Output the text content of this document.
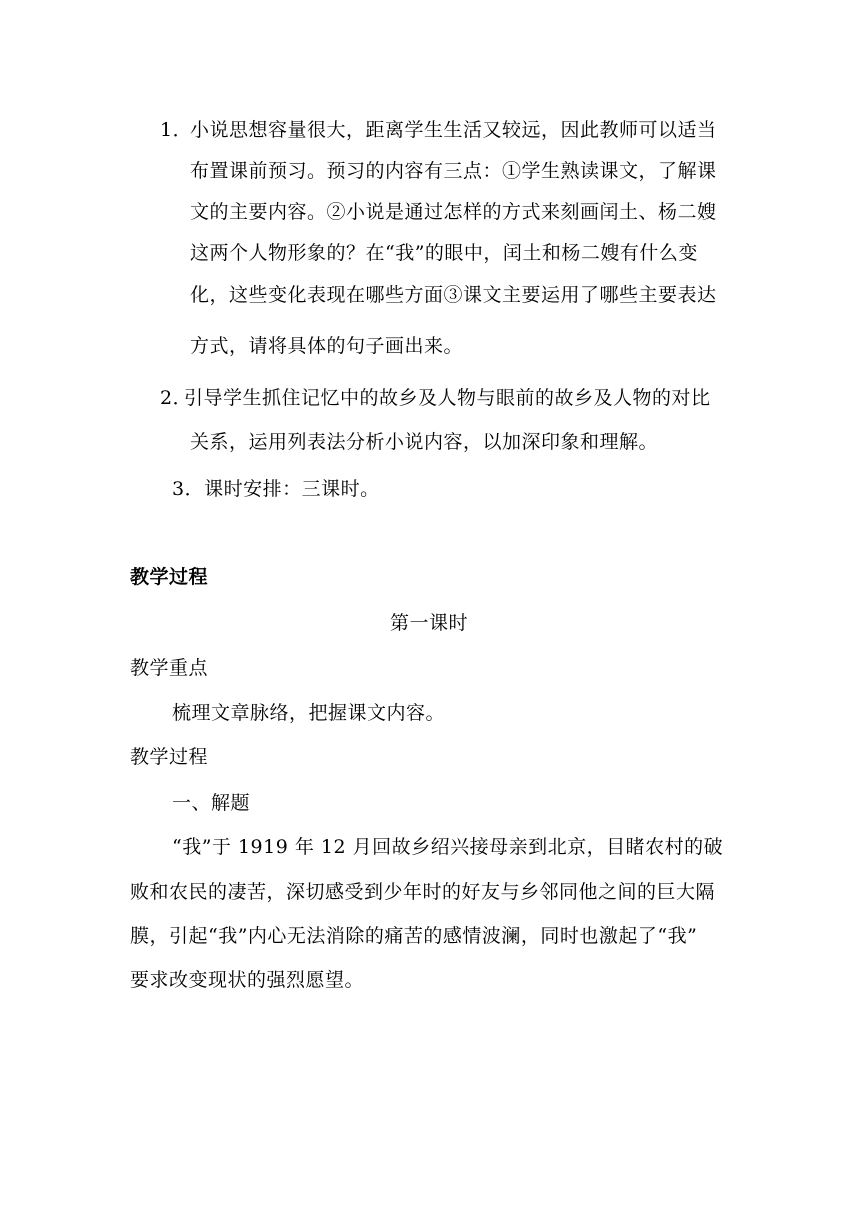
1．
小说思想容量很大，距离学生生活又较远，因此教师可以适当
布置课前预习。预习的内容有三点：①学生熟读课文，了解课
文的主要内容。②小说是通过怎样的方式来刻画闰土、杨二嫂
这两个人物形象的？在“我”的眼中，闰土和杨二嫂有什么变
化，这些变化表现在哪些方面③课文主要运用了哪些主要表达
方式，请将具体的句子画出来。
2．
引导学生抓住记忆中的故乡及人物与眼前的故乡及人物的对比
关系，运用列表法分析小说内容，以加深印象和理解。
3．课时安排：三课时。
教学过程
第一课时
教学重点
梳理文章脉络，把握课文内容。
教学过程
一、解题
“我”于 1919 年 12 月回故乡绍兴接母亲到北京，目睹农村的破
败和农民的凄苦，深切感受到少年时的好友与乡邻同他之间的巨大隔
膜，引起“我”内心无法消除的痛苦的感情波澜，同时也激起了“我”
要求改变现状的强烈愿望。
